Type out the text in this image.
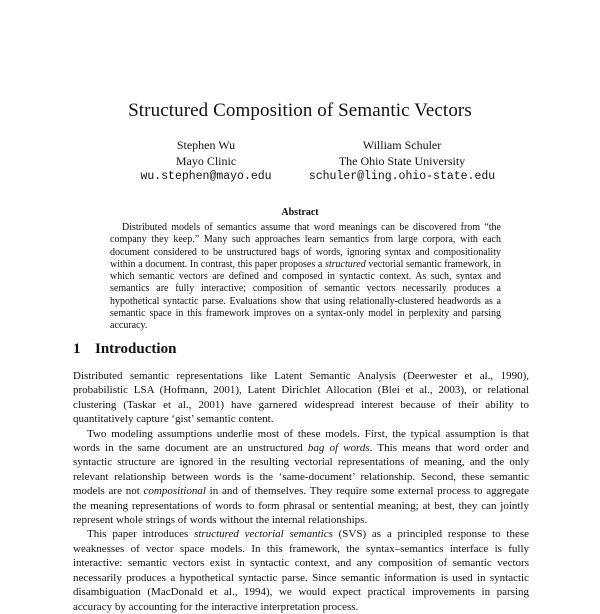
Structured Composition of Semantic Vectors
Stephen Wu
Mayo Clinic
wu.stephen@mayo.edu
William Schuler
The Ohio State University
schuler@ling.ohio-state.edu
Abstract

Distributed models of semantics assume that word meanings can be discovered from “the company they keep.” Many such approaches learn semantics from large corpora, with each document considered to be unstructured bags of words, ignoring syntax and compositionality within a document. In contrast, this paper proposes a structured vectorial semantic framework, in which semantic vectors are defined and composed in syntactic context. As such, syntax and semantics are fully interactive; composition of semantic vectors necessarily produces a hypothetical syntactic parse. Evaluations show that using relationally-clustered headwords as a semantic space in this framework improves on a syntax-only model in perplexity and parsing accuracy.

1 Introduction

Distributed semantic representations like Latent Semantic Analysis (Deerwester et al., 1990), probabilistic LSA (Hofmann, 2001), Latent Dirichlet Allocation (Blei et al., 2003), or relational clustering (Taskar et al., 2001) have garnered widespread interest because of their ability to quantitatively capture ‘gist’ semantic content.

Two modeling assumptions underlie most of these models. First, the typical assumption is that words in the same document are an unstructured bag of words. This means that word order and syntactic structure are ignored in the resulting vectorial representations of meaning, and the only relevant relationship between words is the ‘same-document’ relationship. Second, these semantic models are not compositional in and of themselves. They require some external process to aggregate the meaning representations of words to form phrasal or sentential meaning; at best, they can jointly represent whole strings of words without the internal relationships.

This paper introduces structured vectorial semantics (SVS) as a principled response to these weaknesses of vector space models. In this framework, the syntax–semantics interface is fully interactive: semantic vectors exist in syntactic context, and any composition of semantic vectors necessarily produces a hypothetical syntactic parse. Since semantic information is used in syntactic disambiguation (MacDonald et al., 1994), we would expect practical improvements in parsing accuracy by accounting for the interactive interpretation process.
